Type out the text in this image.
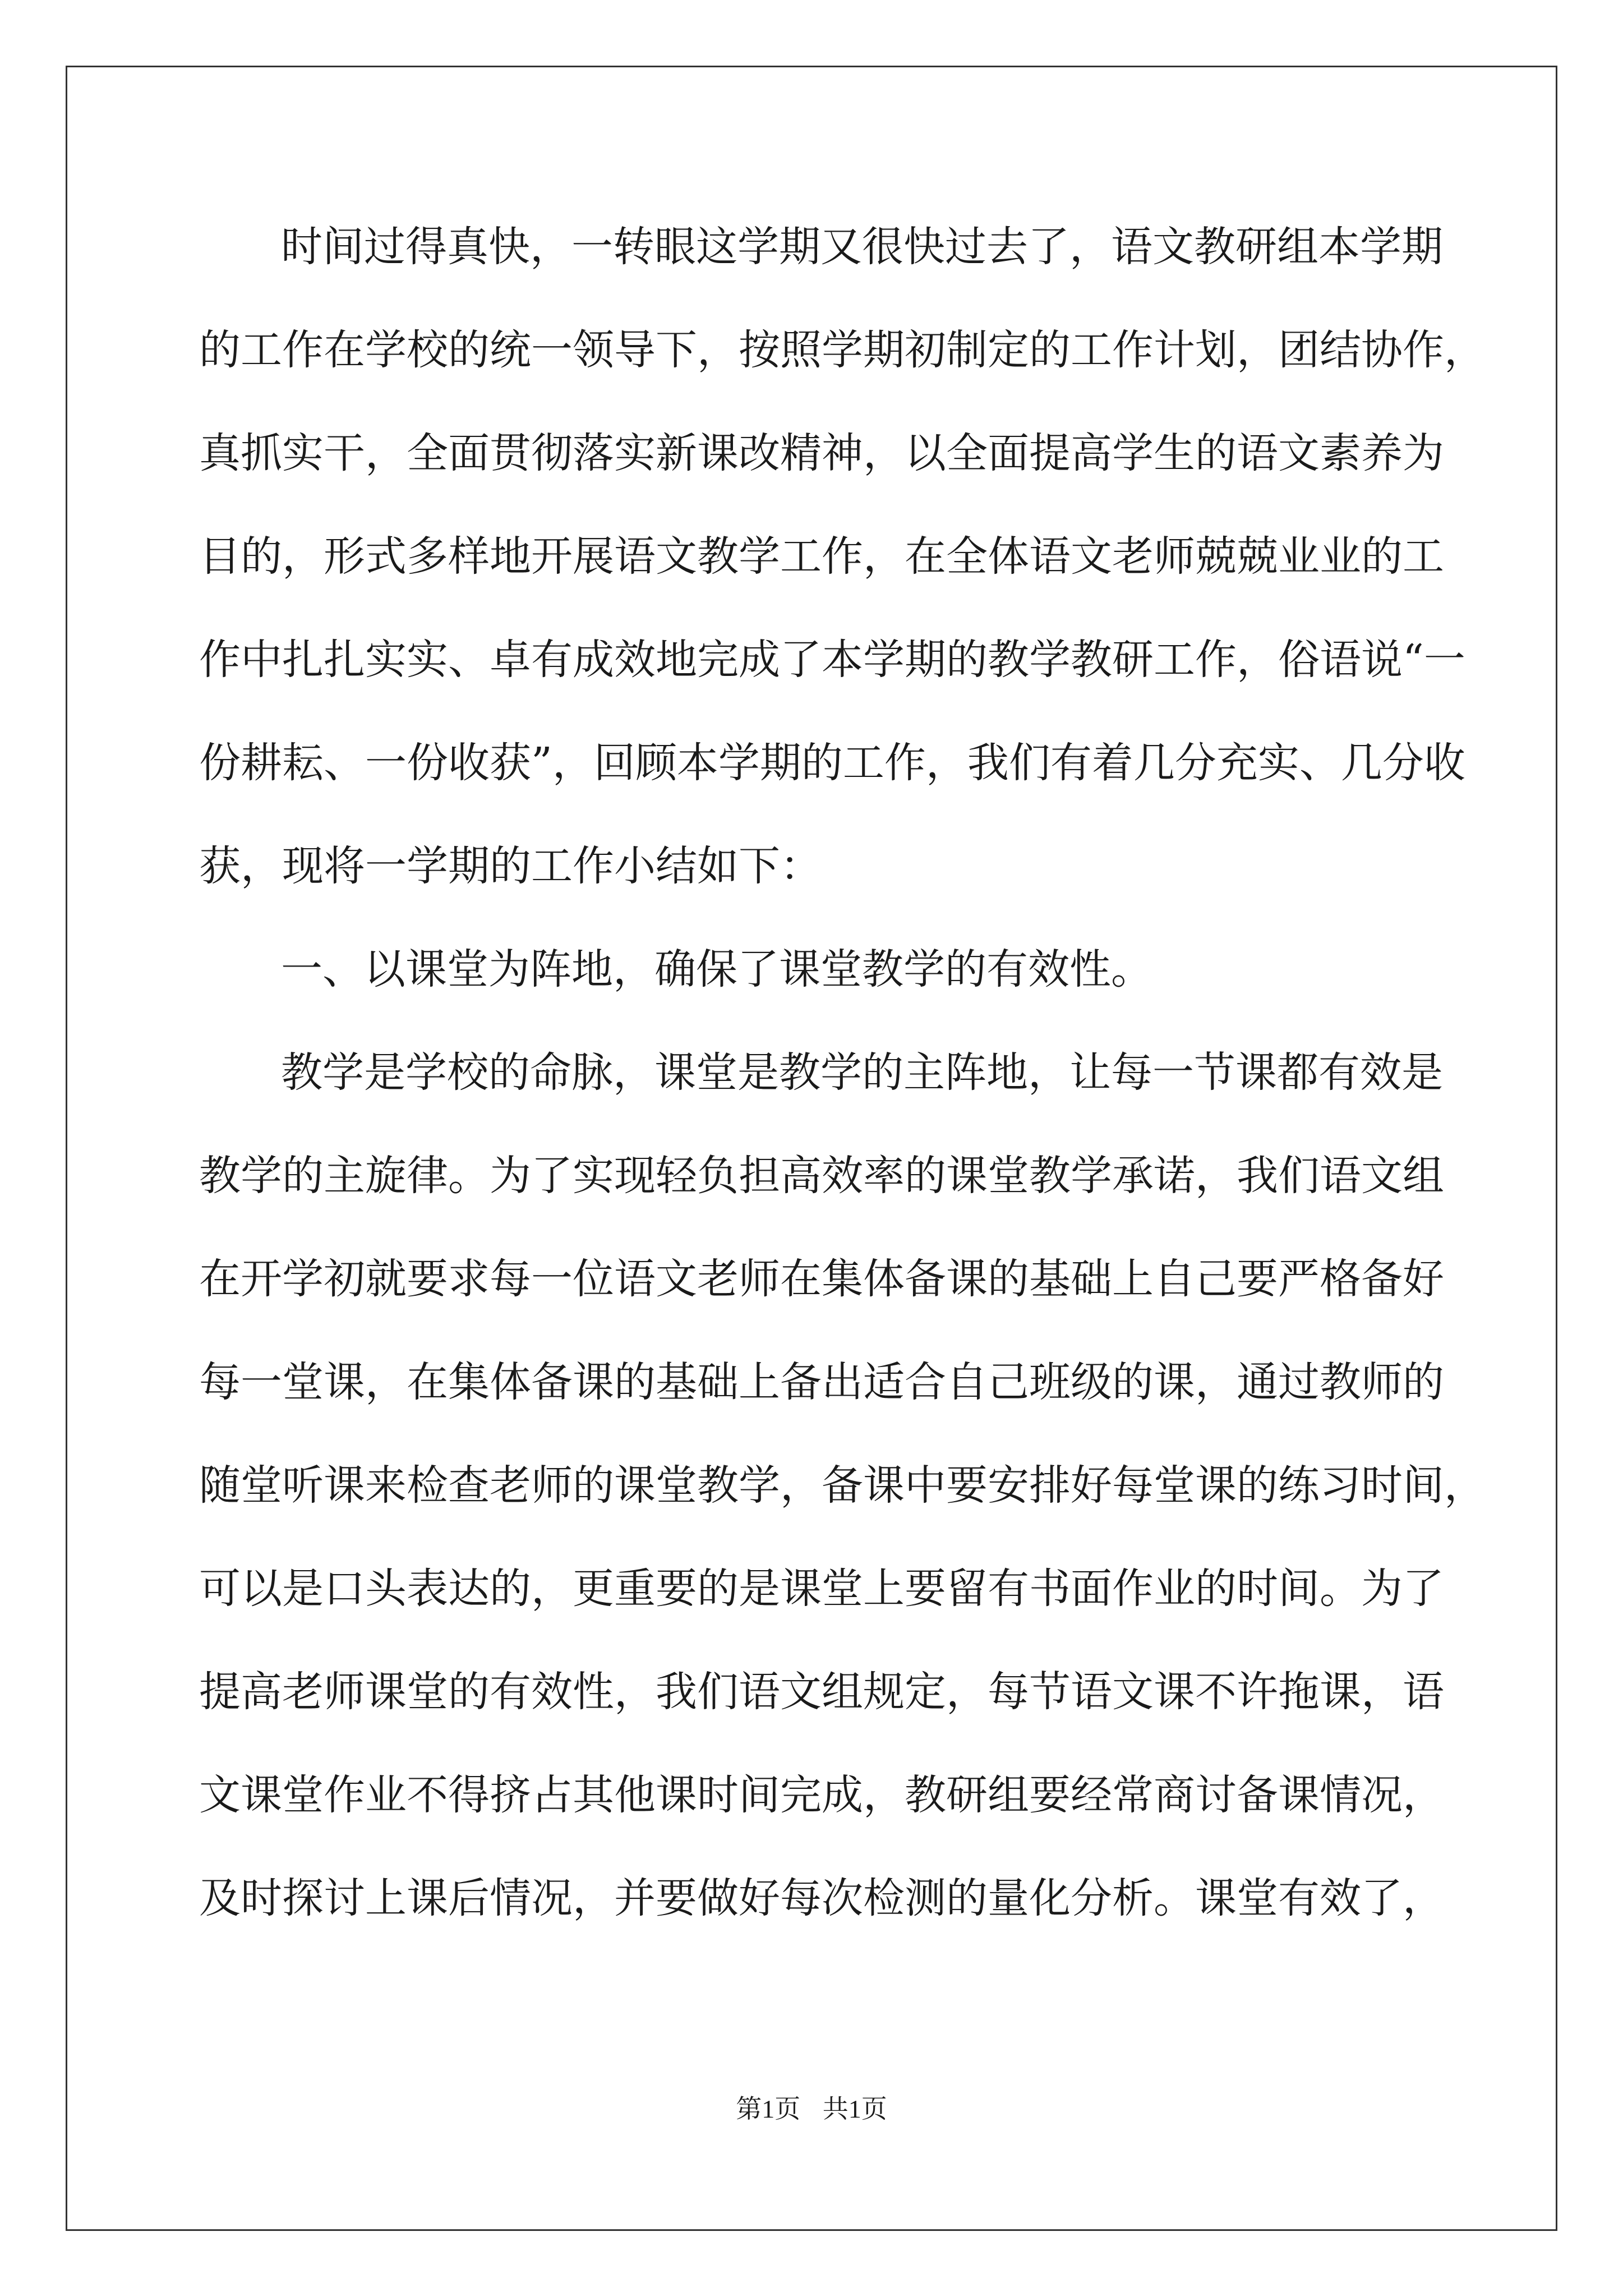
时间过得真快，一转眼这学期又很快过去了，语文教研组本学期
的工作在学校的统一领导下，按照学期初制定的工作计划，团结协作，
真抓实干，全面贯彻落实新课改精神，以全面提高学生的语文素养为
目的，形式多样地开展语文教学工作，在全体语文老师兢兢业业的工
作中扎扎实实、卓有成效地完成了本学期的教学教研工作，俗语说“一
份耕耘、一份收获”，回顾本学期的工作，我们有着几分充实、几分收
获，现将一学期的工作小结如下：
一、以课堂为阵地，确保了课堂教学的有效性。
教学是学校的命脉，课堂是教学的主阵地，让每一节课都有效是
教学的主旋律。为了实现轻负担高效率的课堂教学承诺，我们语文组
在开学初就要求每一位语文老师在集体备课的基础上自己要严格备好
每一堂课，在集体备课的基础上备出适合自己班级的课，通过教师的
随堂听课来检查老师的课堂教学，备课中要安排好每堂课的练习时间，
可以是口头表达的，更重要的是课堂上要留有书面作业的时间。为了
提高老师课堂的有效性，我们语文组规定，每节语文课不许拖课，语
文课堂作业不得挤占其他课时间完成，教研组要经常商讨备课情况，
及时探讨上课后情况，并要做好每次检测的量化分析。课堂有效了，
第1页 共1页
